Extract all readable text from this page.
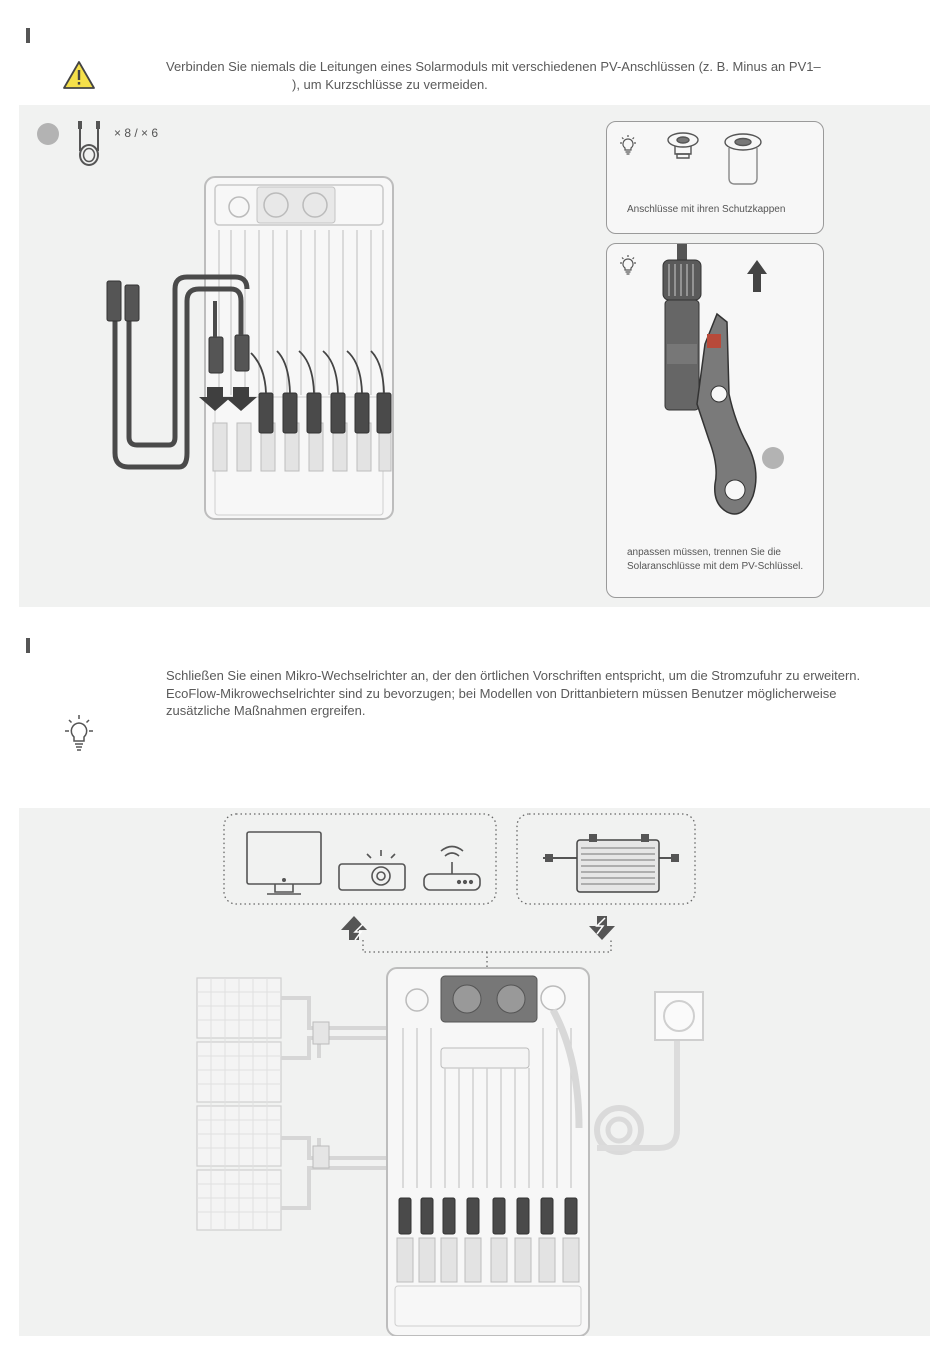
Verbinden Sie niemals die Leitungen eines Solarmoduls mit verschiedenen PV-Anschlüssen (z. B. Minus an PV1–
), um Kurzschlüsse zu vermeiden.
× 8 / × 6
Anschlüsse mit ihren Schutzkappen
anpassen müssen, trennen Sie die Solaranschlüsse mit dem PV-Schlüssel.
Schließen Sie einen Mikro-Wechselrichter an, der den örtlichen Vorschriften entspricht, um die Stromzufuhr zu erweitern. EcoFlow-Mikrowechselrichter sind zu bevorzugen; bei Modellen von Drittanbietern müssen Benutzer möglicherweise zusätzliche Maßnahmen ergreifen.
